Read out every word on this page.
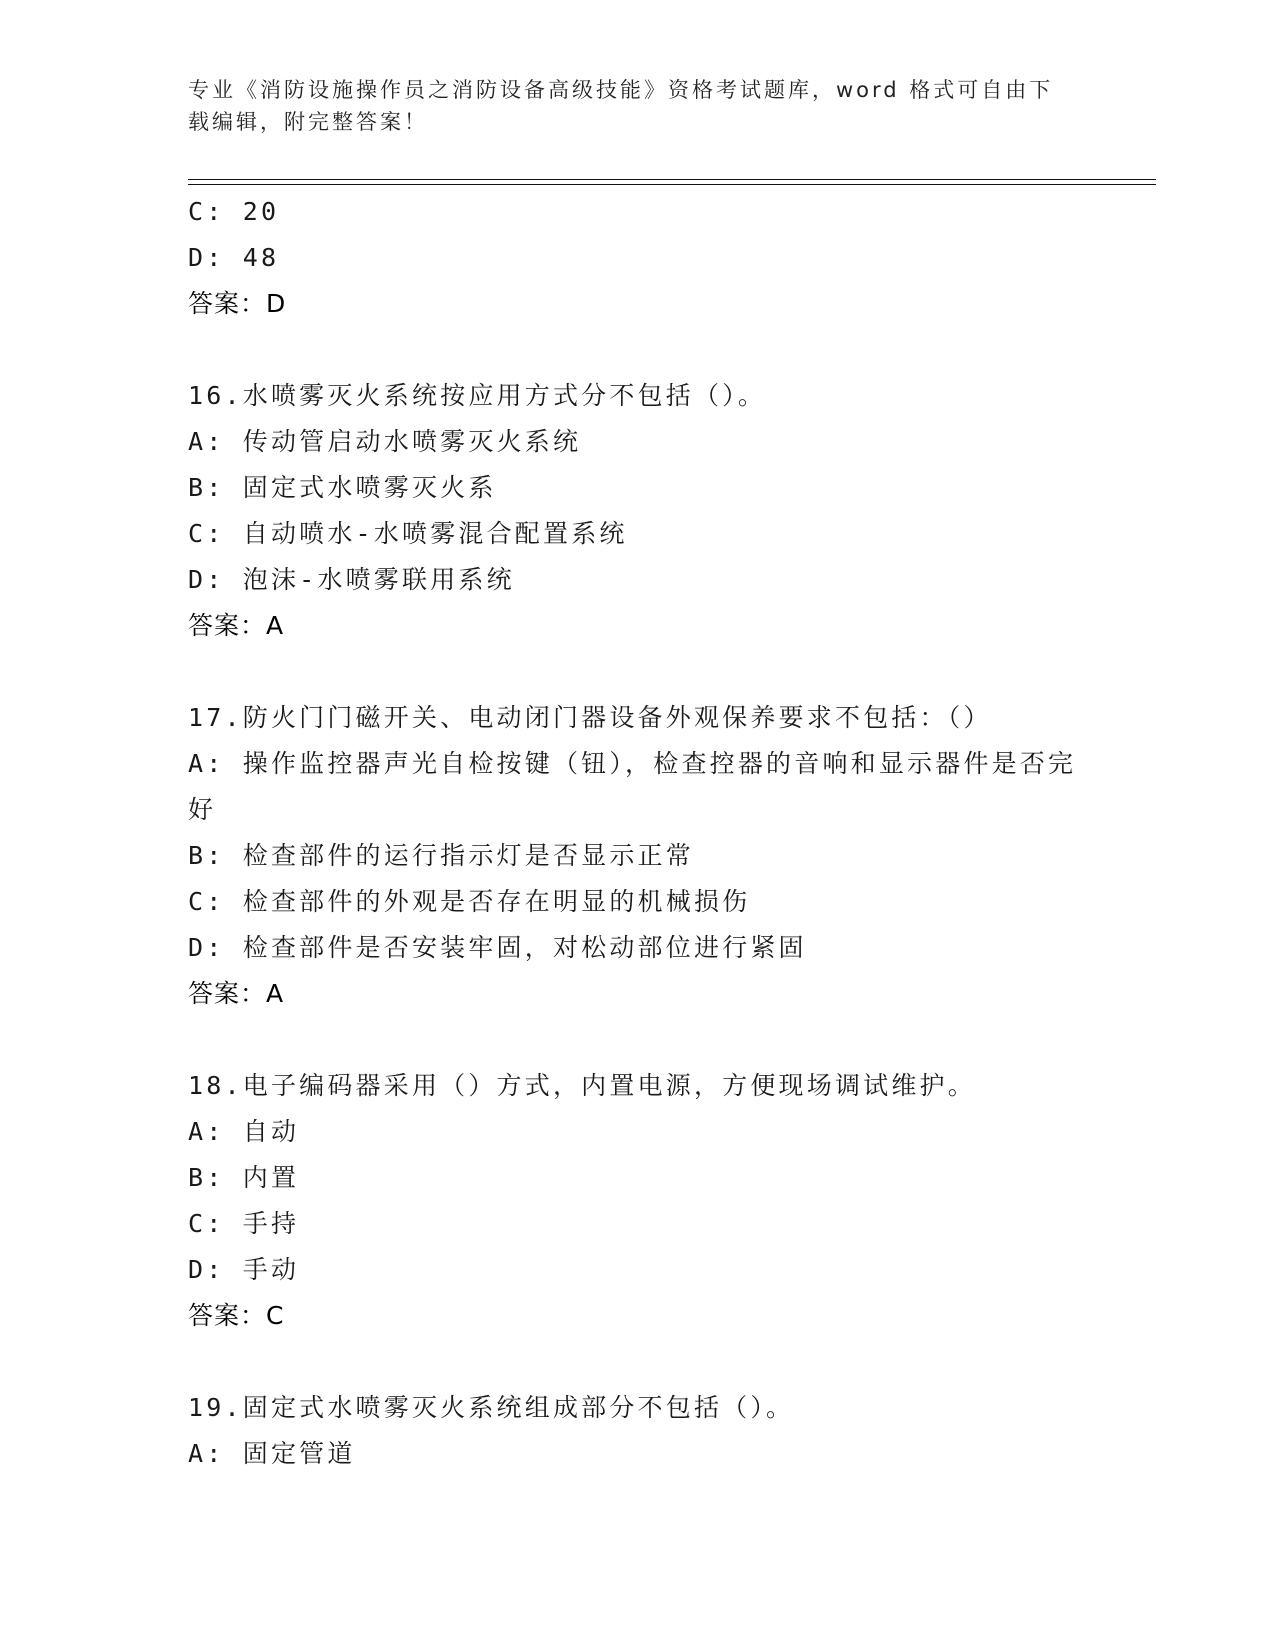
专业《消防设施操作员之消防设备高级技能》资格考试题库，word 格式可自由下载编辑，附完整答案！
C: 20
D: 48
答案：D
16.水喷雾灭火系统按应用方式分不包括（）。
A: 传动管启动水喷雾灭火系统
B: 固定式水喷雾灭火系
C: 自动喷水-水喷雾混合配置系统
D: 泡沫-水喷雾联用系统
答案：A
17.防火门门磁开关、电动闭门器设备外观保养要求不包括：（）
A: 操作监控器声光自检按键（钮），检查控器的音响和显示器件是否完好
B: 检查部件的运行指示灯是否显示正常
C: 检查部件的外观是否存在明显的机械损伤
D: 检查部件是否安装牢固，对松动部位进行紧固
答案：A
18.电子编码器采用（）方式，内置电源，方便现场调试维护。
A: 自动
B: 内置
C: 手持
D: 手动
答案：C
19.固定式水喷雾灭火系统组成部分不包括（）。
A: 固定管道
